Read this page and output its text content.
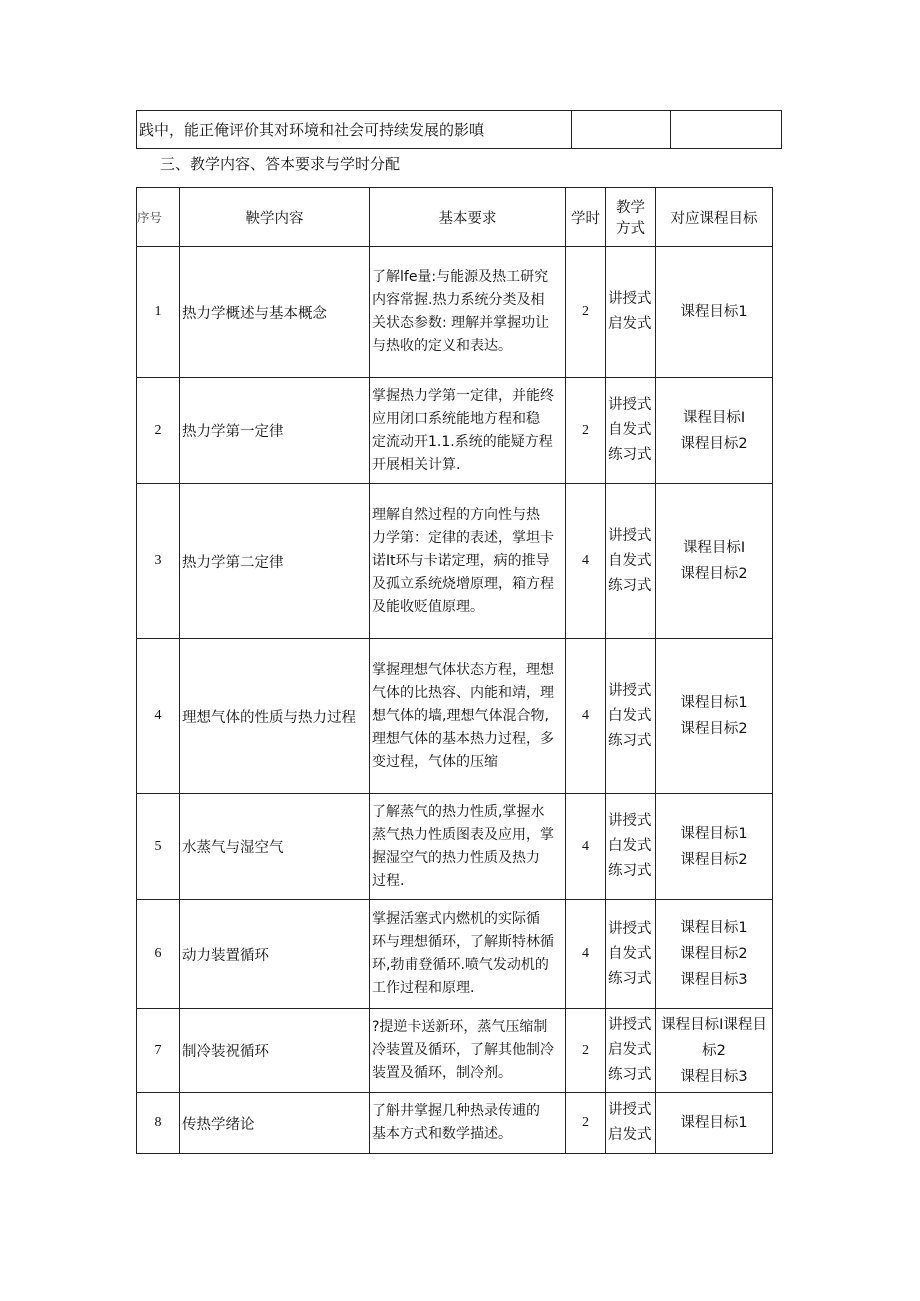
践中，能正俺评价其对环境和社会可持续发展的影嗔		
三、教学内容、答本要求与学时分配
序号	鞅学内容	基本要求	学时	教学
方式	对应课程目标
1	热力学概述与基本概念	了解lfe量:与能源及热工研究
内容常握.热力系统分类及相
关状态参数: 理解并掌握功让
与热收的定义和表达。	2	讲授式
启发式	课程目标1

2	热力学第一定律	掌握热力学第一定律，并能终
应用闭口系统能地方程和稳
定流动开1.1.系统的能疑方程
开展相关计算.	2	讲授式
自发式
练习式	课程目标I
课程目标2

3	热力学第二定律	理解自然过程的方向性与热
力学第：定律的表述，掌坦卡
诺It环与卡诺定理，病的推导
及孤立系统烧增原理，箱方程
及能收贬值原理。	4	讲授式
自发式
练习式	课程目标I
课程目标2

4	理想气体的性质与热力过程	掌握理想气体状态方程，理想
气体的比热容、内能和靖，理
想气体的墙,理想气体混合物,
理想气体的基本热力过程，多
变过程，气体的压缩	4	讲授式
白发式
练习式	课程目标1
课程目标2

5	水蒸气与湿空气	了解蒸气的热力性质,掌握水
蒸气热力性质图表及应用，掌
握湿空气的热力性质及热力
过程.	4	讲授式
白发式
练习式	课程目标1
课程目标2

6	动力装置循环	掌握活塞式内燃机的实际循
环与理想循环，了解斯特林循
环,勃甫登循环.喷气发动机的
工作过程和原理.	4	讲授式
自发式
练习式	课程目标1
课程目标2
课程目标3

7	制冷装祝循环	?提逆卡送新环，蒸气压缩制
冷装置及循环，了解其他制冷
装置及循环，制冷剂。	2	讲授式
启发式
练习式	课程目标I课程目
标2
课程目标3

8	传热学绪论	了斛井掌握几种热录传逋的
基本方式和数学描述。	2	讲授式
启发式	课程目标1
